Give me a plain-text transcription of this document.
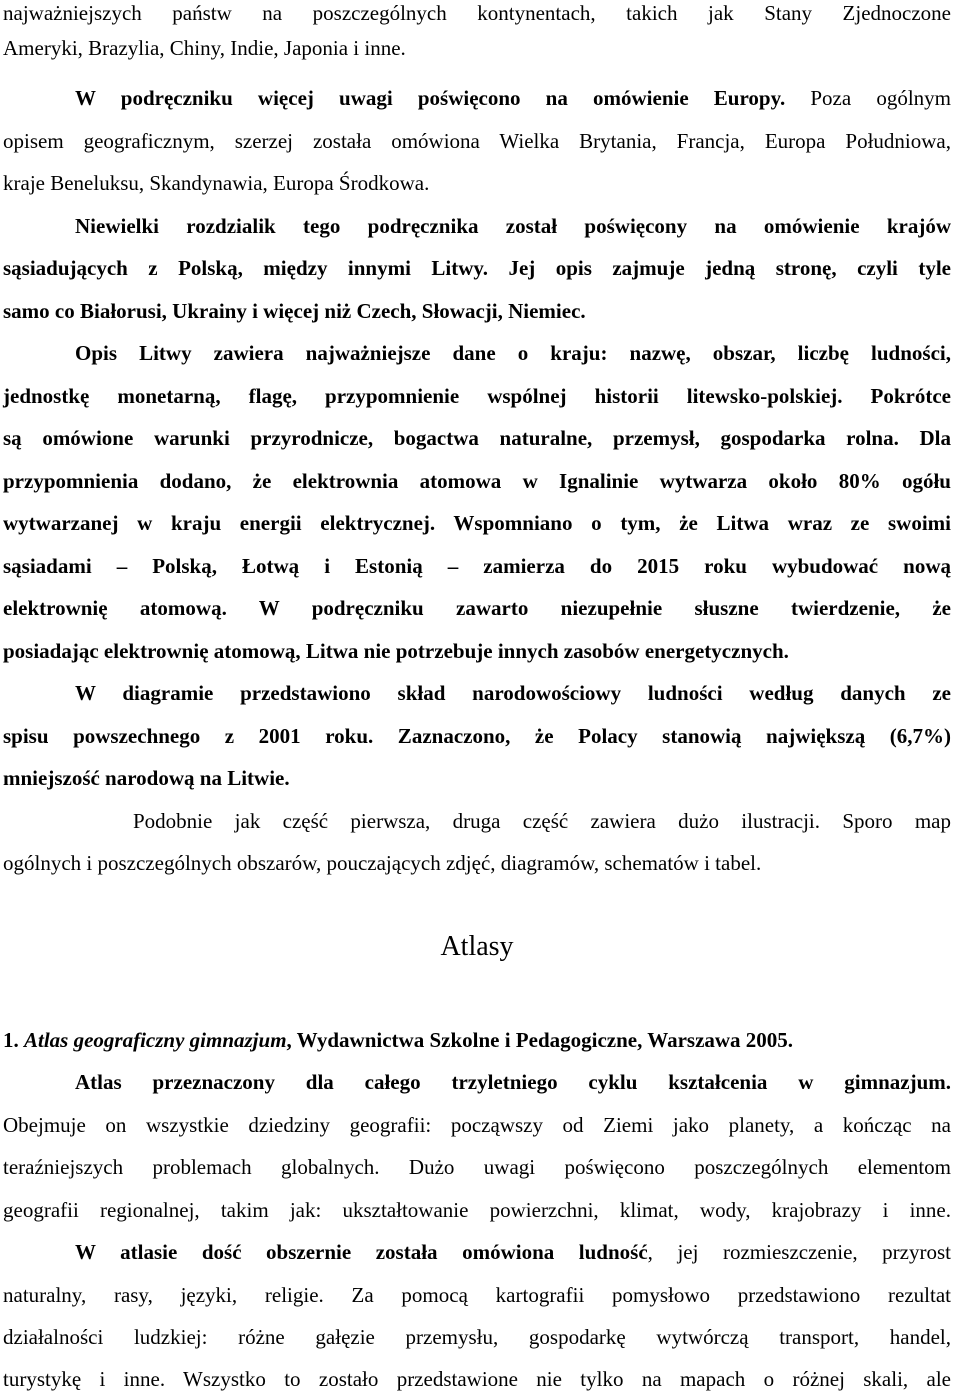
najważniejszych państw na poszczególnych kontynentach, takich jak Stany Zjednoczone
Ameryki, Brazylia, Chiny, Indie, Japonia i inne.
W podręczniku więcej uwagi poświęcono na omówienie Europy. Poza ogólnym
opisem geograficznym, szerzej została omówiona Wielka Brytania, Francja, Europa Południowa,
kraje Beneluksu, Skandynawia, Europa Środkowa.
Niewielki rozdzialik tego podręcznika został poświęcony na omówienie krajów
sąsiadujących z Polską, między innymi Litwy. Jej opis zajmuje jedną stronę, czyli tyle
samo co Białorusi, Ukrainy i więcej niż Czech, Słowacji, Niemiec.
Opis Litwy zawiera najważniejsze dane o kraju: nazwę, obszar, liczbę ludności,
jednostkę monetarną, flagę, przypomnienie wspólnej historii litewsko-polskiej. Pokrótce
są omówione warunki przyrodnicze, bogactwa naturalne, przemysł, gospodarka rolna. Dla
przypomnienia dodano, że elektrownia atomowa w Ignalinie wytwarza około 80% ogółu
wytwarzanej w kraju energii elektrycznej. Wspomniano o tym, że Litwa wraz ze swoimi
sąsiadami – Polską, Łotwą i Estonią – zamierza do 2015 roku wybudować nową
elektrownię atomową. W podręczniku zawarto niezupełnie słuszne twierdzenie, że
posiadając elektrownię atomową, Litwa nie potrzebuje innych zasobów energetycznych.
W diagramie przedstawiono skład narodowościowy ludności według danych ze
spisu powszechnego z 2001 roku. Zaznaczono, że Polacy stanowią największą (6,7%)
mniejszość narodową na Litwie.
Podobnie jak część pierwsza, druga część zawiera dużo ilustracji. Sporo map
ogólnych i poszczególnych obszarów, pouczających zdjęć, diagramów, schematów i tabel.
Atlasy
1. Atlas geograficzny gimnazjum, Wydawnictwa Szkolne i Pedagogiczne, Warszawa 2005.
Atlas przeznaczony dla całego trzyletniego cyklu kształcenia w gimnazjum.
Obejmuje on wszystkie dziedziny geografii: począwszy od Ziemi jako planety, a kończąc na
teraźniejszych problemach globalnych. Dużo uwagi poświęcono poszczególnych elementom
geografii regionalnej, takim jak: ukształtowanie powierzchni, klimat, wody, krajobrazy i inne.
W atlasie dość obszernie została omówiona ludność, jej rozmieszczenie, przyrost
naturalny, rasy, języki, religie. Za pomocą kartografii pomysłowo przedstawiono rezultat
działalności ludzkiej: różne gałęzie przemysłu, gospodarkę wytwórczą transport, handel,
turystykę i inne. Wszystko to zostało przedstawione nie tylko na mapach o różnej skali, ale
